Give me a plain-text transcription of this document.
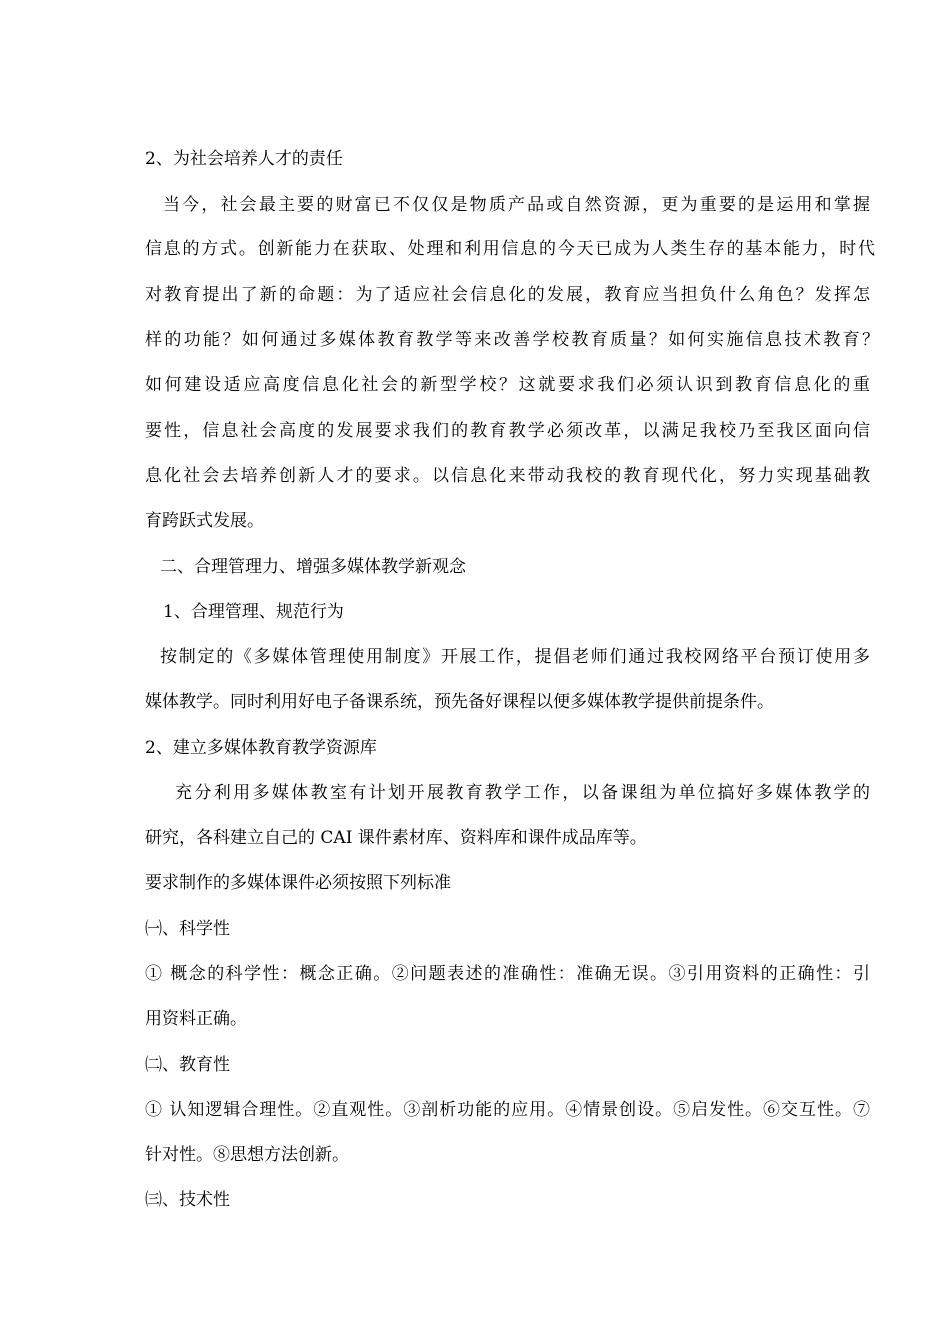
2、为社会培养人才的责任
当今，社会最主要的财富已不仅仅是物质产品或自然资源，更为重要的是运用和掌握
信息的方式。创新能力在获取、处理和利用信息的今天已成为人类生存的基本能力，时代
对教育提出了新的命题：为了适应社会信息化的发展，教育应当担负什么角色？发挥怎
样的功能？如何通过多媒体教育教学等来改善学校教育质量？如何实施信息技术教育？
如何建设适应高度信息化社会的新型学校？这就要求我们必须认识到教育信息化的重
要性，信息社会高度的发展要求我们的教育教学必须改革，以满足我校乃至我区面向信
息化社会去培养创新人才的要求。以信息化来带动我校的教育现代化，努力实现基础教
育跨跃式发展。
二、合理管理力、增强多媒体教学新观念
1、合理管理、规范行为
按制定的《多媒体管理使用制度》开展工作，提倡老师们通过我校网络平台预订使用多
媒体教学。同时利用好电子备课系统，预先备好课程以便多媒体教学提供前提条件。
2、建立多媒体教育教学资源库
充分利用多媒体教室有计划开展教育教学工作，以备课组为单位搞好多媒体教学的
研究，各科建立自己的 CAI 课件素材库、资料库和课件成品库等。
要求制作的多媒体课件必须按照下列标准
㈠、科学性
① 概念的科学性：概念正确。②问题表述的准确性：准确无误。③引用资料的正确性：引
用资料正确。
㈡、教育性
① 认知逻辑合理性。②直观性。③剖析功能的应用。④情景创设。⑤启发性。⑥交互性。⑦
针对性。⑧思想方法创新。
㈢、技术性
